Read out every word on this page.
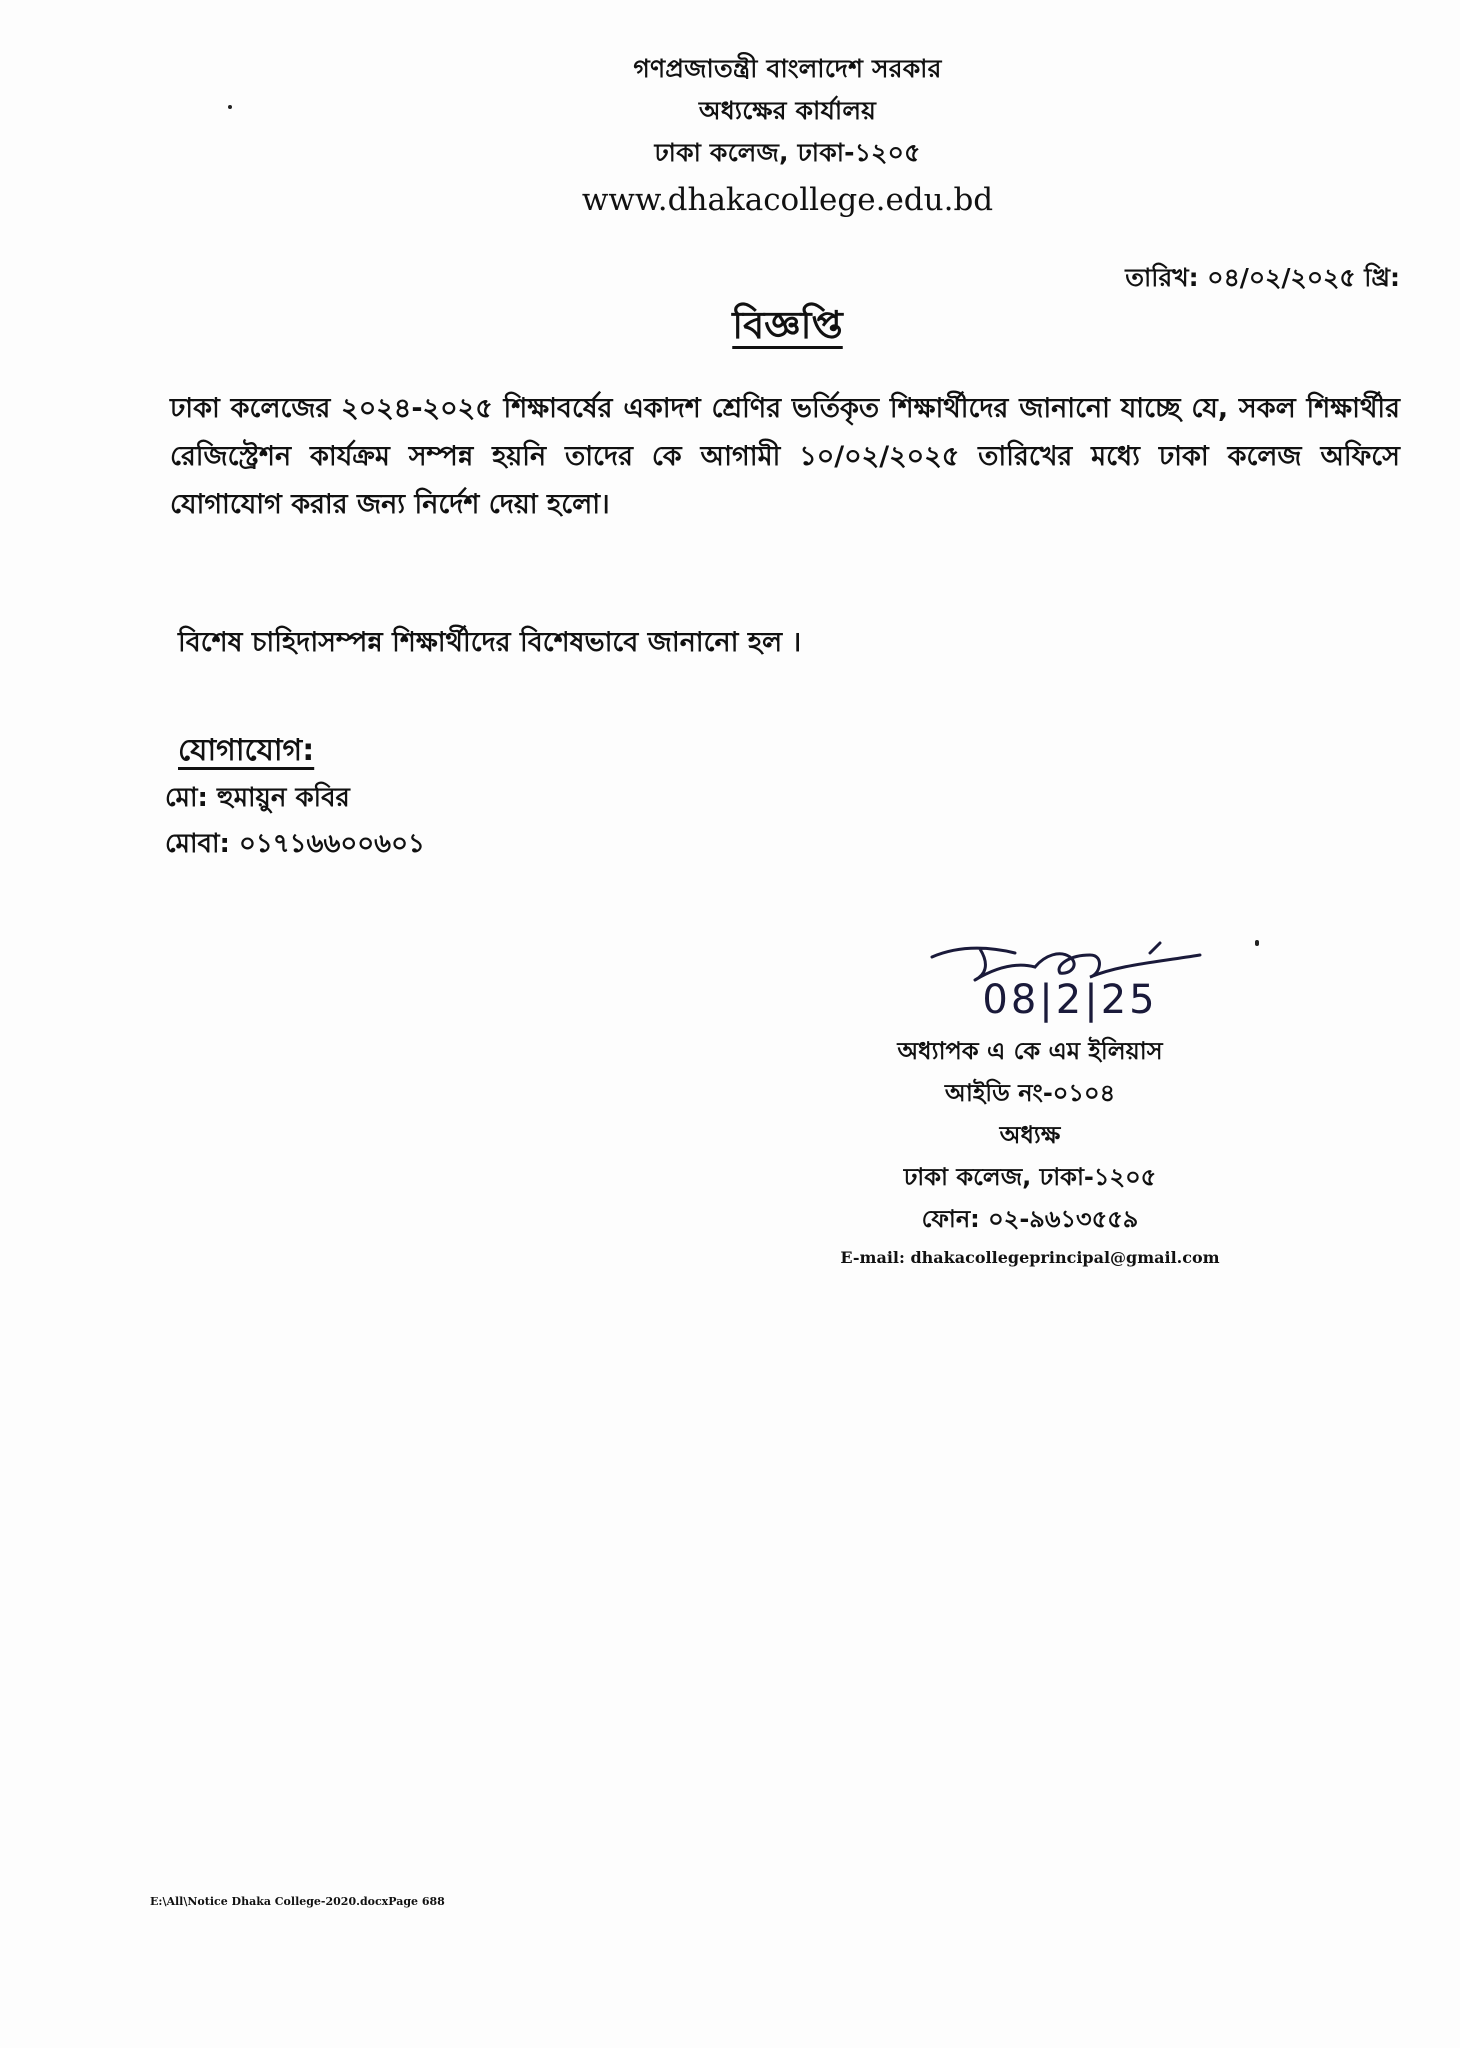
গণপ্রজাতন্ত্রী বাংলাদেশ সরকার
অধ্যক্ষের কার্যালয়
ঢাকা কলেজ, ঢাকা-১২০৫
www.dhakacollege.edu.bd
তারিখ: ০৪/০২/২০২৫ খ্রি:
বিজ্ঞপ্তি
ঢাকা কলেজের ২০২৪-২০২৫ শিক্ষাবর্ষের একাদশ শ্রেণির ভর্তিকৃত শিক্ষার্থীদের জানানো যাচ্ছে যে, সকল শিক্ষার্থীর রেজিস্ট্রেশন কার্যক্রম সম্পন্ন হয়নি তাদের কে আগামী ১০/০২/২০২৫ তারিখের মধ্যে ঢাকা কলেজ অফিসে যোগাযোগ করার জন্য নির্দেশ দেয়া হলো।
বিশেষ চাহিদাসম্পন্ন শিক্ষার্থীদের বিশেষভাবে জানানো হল ।
যোগাযোগ:
মো: হুমায়ুন কবির
মোবা: ০১৭১৬৬০০৬০১
08|2|25
অধ্যাপক এ কে এম ইলিয়াস
আইডি নং-০১০৪
অধ্যক্ষ
ঢাকা কলেজ, ঢাকা-১২০৫
ফোন: ০২-৯৬১৩৫৫৯
E-mail: dhakacollegeprincipal@gmail.com
E:\All\Notice Dhaka College-2020.docxPage 688
